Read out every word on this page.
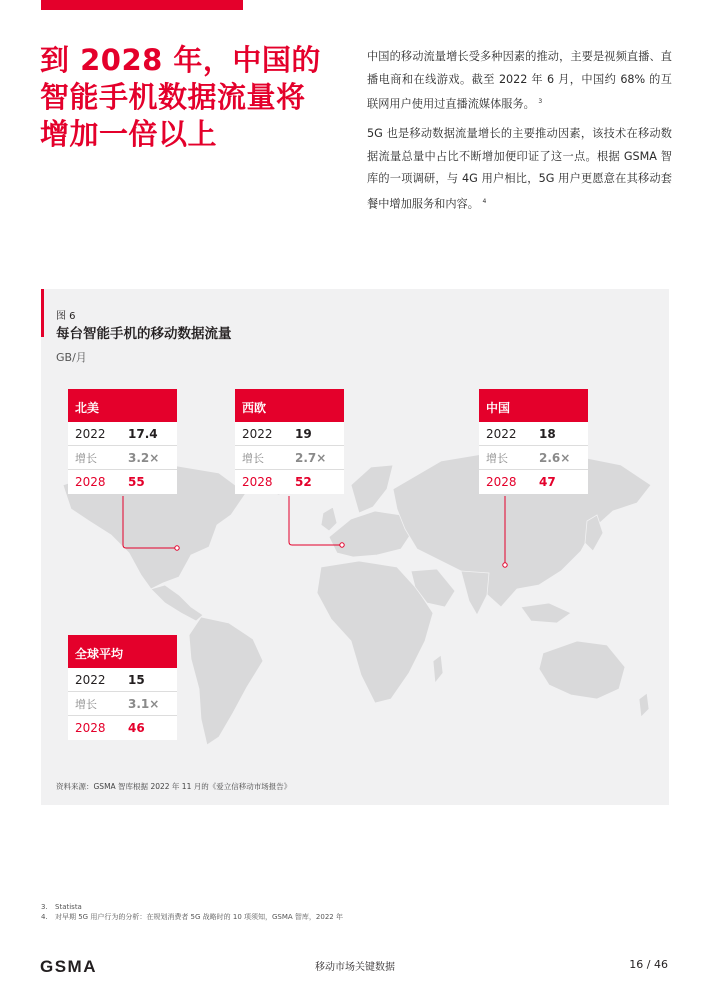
到 2028 年，中国的
智能手机数据流量将
增加一倍以上

中国的移动流量增长受多种因素的推动，主要是视频直播、直播电商和在线游戏。截至 2022 年 6 月，中国约 68% 的互联网用户使用过直播流媒体服务。 $^3$

5G 也是移动数据流量增长的主要推动因素，该技术在移动数据流量总量中占比不断增加便印证了这一点。根据 GSMA 智库的一项调研，与 4G 用户相比，5G 用户更愿意在其移动套餐中增加服务和内容。 $^4$

图 6
每台智能手机的移动数据流量
GB/月
北美
2022	17.4
增长	3.2×
2028	55
西欧
2022	19
增长	2.7×
2028	52
中国
2022	18
增长	2.6×
2028	47
全球平均
2022	15
增长	3.1×
2028	46
资料来源：GSMA 智库根据 2022 年 11 月的《爱立信移动市场报告》
3.	Statista
4.	对早期 5G 用户行为的分析：在规划消费者 5G 战略时的 10 项须知，GSMA 智库，2022 年
GSMA	移动市场关键数据	16 / 46
